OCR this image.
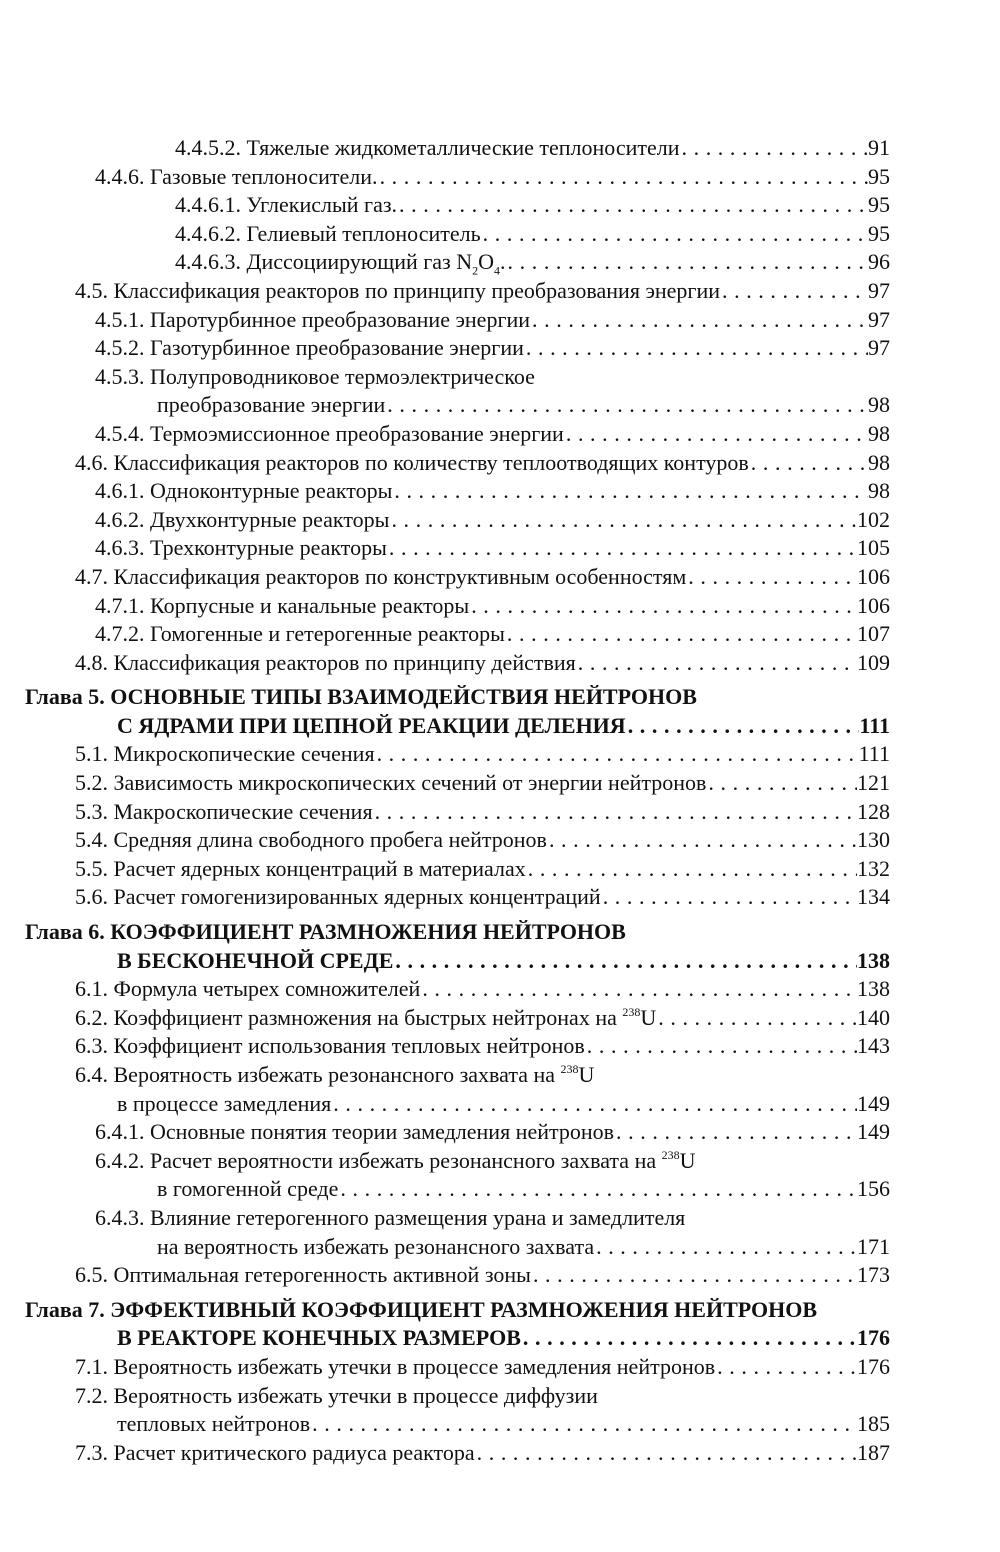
4.4.5.2. Тяжелые жидкометаллические теплоносители . . .	91
4.4.6. Газовые теплоносители. . . .	95
4.4.6.1. Углекислый газ. . . .	95
4.4.6.2. Гелиевый теплоноситель . . .	95
4.4.6.3. Диссоциирующий газ $N_2O_4$. . . .	96
4.5. Классификация реакторов по принципу преобразования энергии . . .	97
4.5.1. Паротурбинное преобразование энергии . . .	97
4.5.2. Газотурбинное преобразование энергии . . .	97
4.5.3. Полупроводниковое термоэлектрическое
преобразование энергии . . .	98
4.5.4. Термоэмиссионное преобразование энергии . . .	98
4.6. Классификация реакторов по количеству теплоотводящих контуров . . .	98
4.6.1. Одноконтурные реакторы . . .	98
4.6.2. Двухконтурные реакторы . . .	102
4.6.3. Трехконтурные реакторы . . .	105
4.7. Классификация реакторов по конструктивным особенностям . . .	106
4.7.1. Корпусные и канальные реакторы . . .	106
4.7.2. Гомогенные и гетерогенные реакторы . . .	107
4.8. Классификация реакторов по принципу действия . . .	109
Глава 5. ОСНОВНЫЕ ТИПЫ ВЗАИМОДЕЙСТВИЯ НЕЙТРОНОВ
С ЯДРАМИ ПРИ ЦЕПНОЙ РЕАКЦИИ ДЕЛЕНИЯ . . .	111
5.1. Микроскопические сечения . . .	111
5.2. Зависимость микроскопических сечений от энергии нейтронов . . .	121
5.3. Макроскопические сечения . . .	128
5.4. Средняя длина свободного пробега нейтронов . . .	130
5.5. Расчет ядерных концентраций в материалах . . .	132
5.6. Расчет гомогенизированных ядерных концентраций . . .	134
Глава 6. КОЭФФИЦИЕНТ РАЗМНОЖЕНИЯ НЕЙТРОНОВ
В БЕСКОНЕЧНОЙ СРЕДЕ . . .	138
6.1. Формула четырех сомножителей . . .	138
6.2. Коэффициент размножения на быстрых нейтронах на $^{238}$U . . .	140
6.3. Коэффициент использования тепловых нейтронов . . .	143
6.4. Вероятность избежать резонансного захвата на $^{238}$U
в процессе замедления . . .	149
6.4.1. Основные понятия теории замедления нейтронов . . .	149
6.4.2. Расчет вероятности избежать резонансного захвата на $^{238}$U
в гомогенной среде . . .	156
6.4.3. Влияние гетерогенного размещения урана и замедлителя
на вероятность избежать резонансного захвата . . .	171
6.5. Оптимальная гетерогенность активной зоны . . .	173
Глава 7. ЭФФЕКТИВНЫЙ КОЭФФИЦИЕНТ РАЗМНОЖЕНИЯ НЕЙТРОНОВ
В РЕАКТОРЕ КОНЕЧНЫХ РАЗМЕРОВ . . .	176
7.1. Вероятность избежать утечки в процессе замедления нейтронов . . .	176
7.2. Вероятность избежать утечки в процессе диффузии
тепловых нейтронов . . .	185
7.3. Расчет критического радиуса реактора . . .	187
